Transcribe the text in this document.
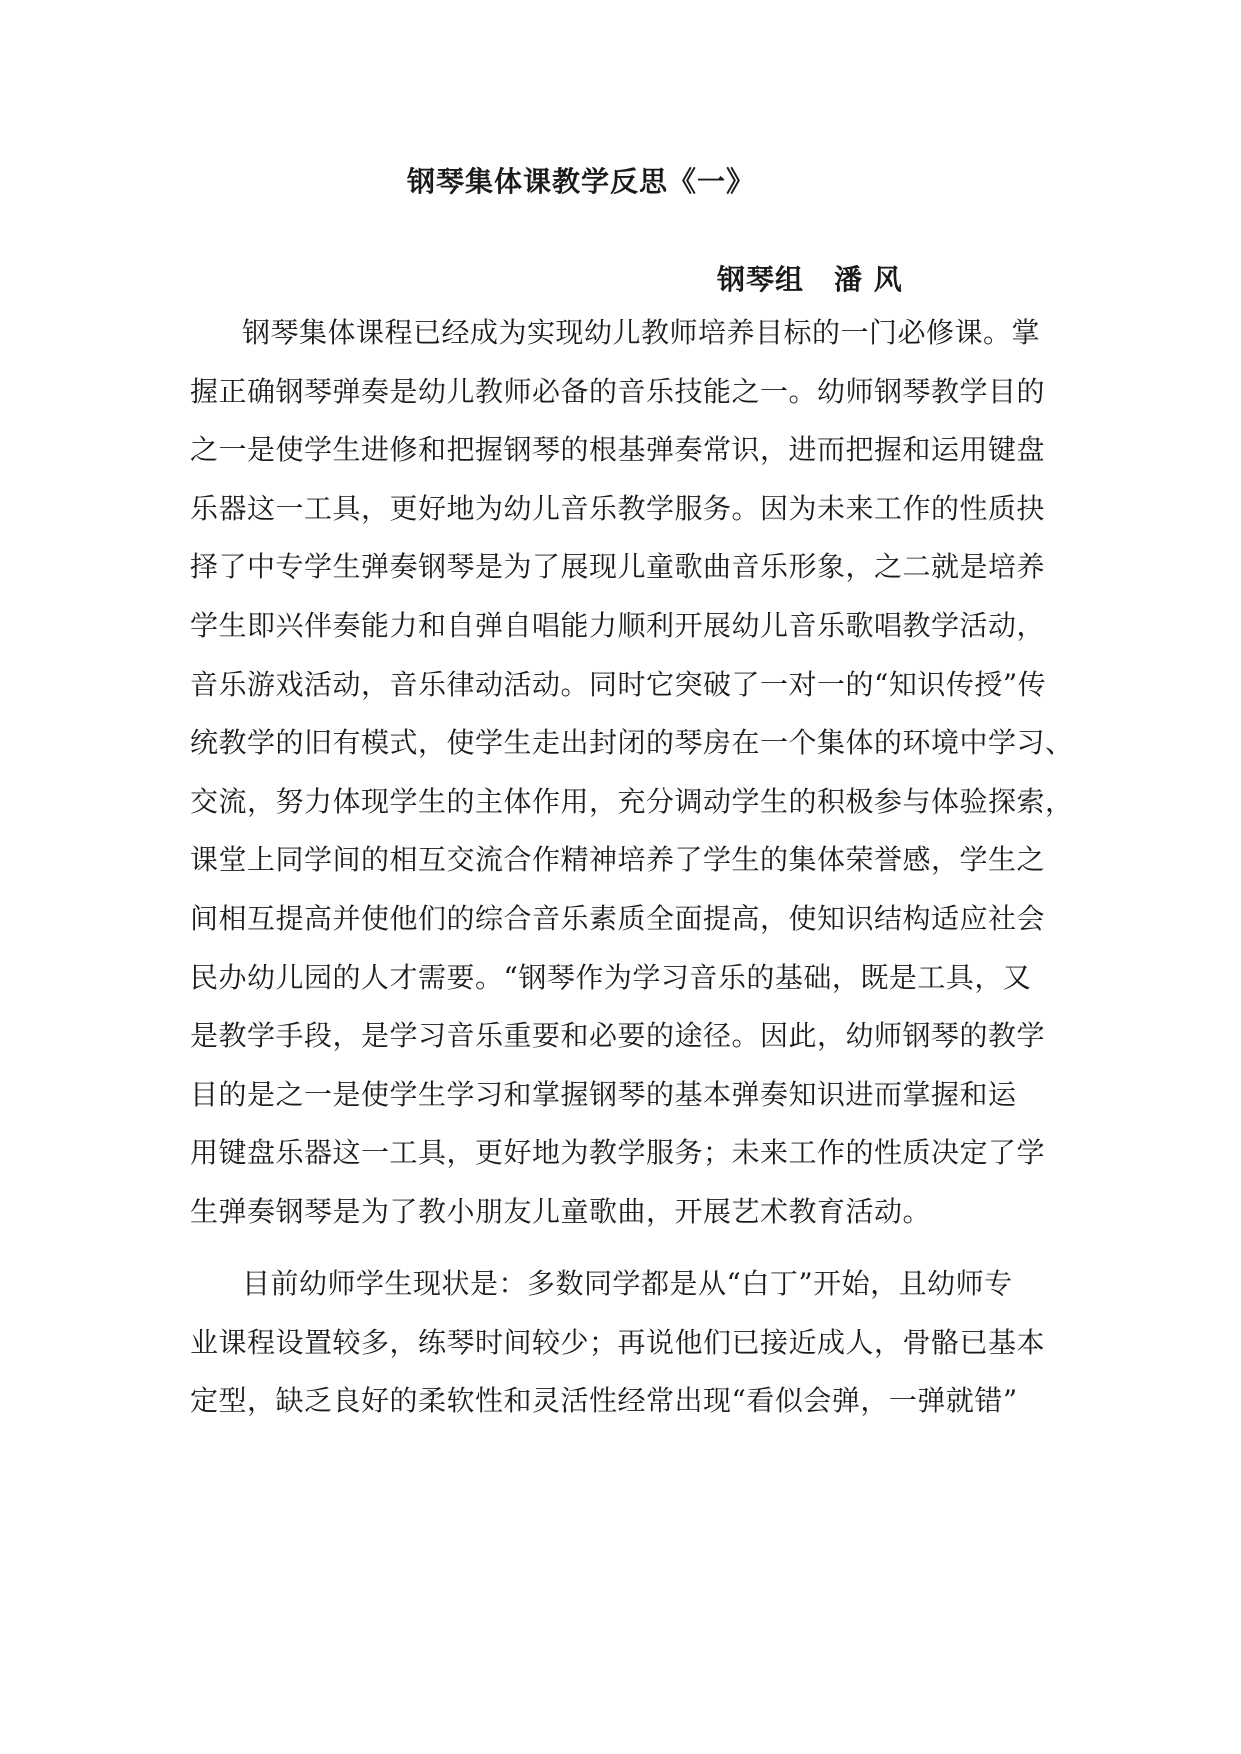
钢琴集体课教学反思《一》
钢琴组 潘 风
钢琴集体课程已经成为实现幼儿教师培养目标的一门必修课。掌
握正确钢琴弹奏是幼儿教师必备的音乐技能之一。幼师钢琴教学目的
之一是使学生进修和把握钢琴的根基弹奏常识，进而把握和运用键盘
乐器这一工具，更好地为幼儿音乐教学服务。因为未来工作的性质抉
择了中专学生弹奏钢琴是为了展现儿童歌曲音乐形象，之二就是培养
学生即兴伴奏能力和自弹自唱能力顺利开展幼儿音乐歌唱教学活动，
音乐游戏活动，音乐律动活动。同时它突破了一对一的“知识传授”传
统教学的旧有模式，使学生走出封闭的琴房在一个集体的环境中学习、
交流，努力体现学生的主体作用，充分调动学生的积极参与体验探索，
课堂上同学间的相互交流合作精神培养了学生的集体荣誉感，学生之
间相互提高并使他们的综合音乐素质全面提高，使知识结构适应社会
民办幼儿园的人才需要。“钢琴作为学习音乐的基础，既是工具，又
是教学手段，是学习音乐重要和必要的途径。因此，幼师钢琴的教学
目的是之一是使学生学习和掌握钢琴的基本弹奏知识进而掌握和运
用键盘乐器这一工具，更好地为教学服务；未来工作的性质决定了学
生弹奏钢琴是为了教小朋友儿童歌曲，开展艺术教育活动。
目前幼师学生现状是：多数同学都是从“白丁”开始，且幼师专
业课程设置较多，练琴时间较少；再说他们已接近成人，骨骼已基本
定型，缺乏良好的柔软性和灵活性经常出现“看似会弹，一弹就错”
